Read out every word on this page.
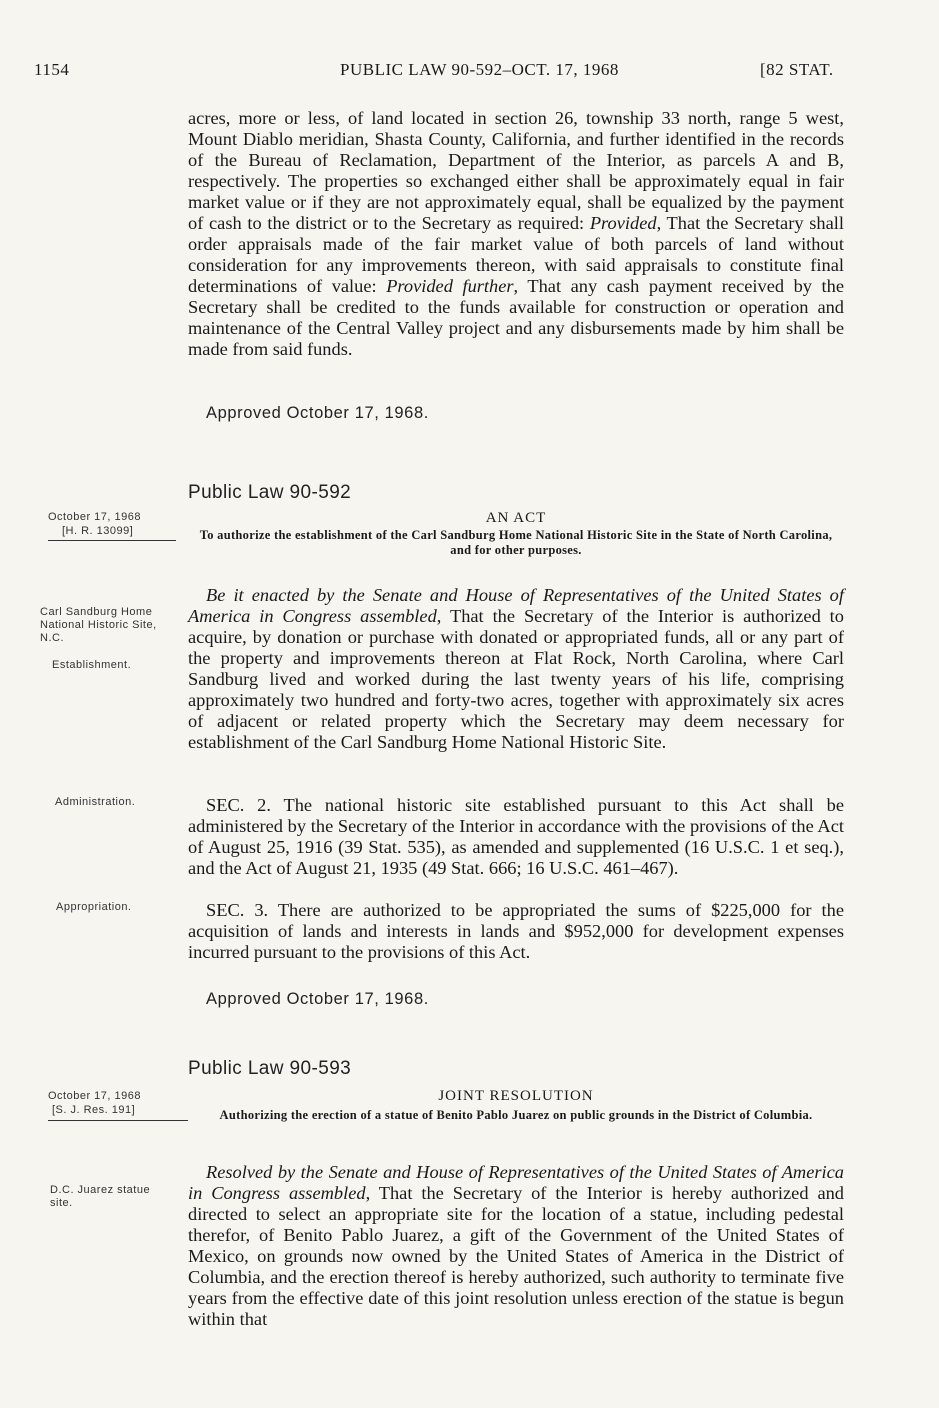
1154	PUBLIC LAW 90-592–OCT. 17, 1968	[82 STAT.

acres, more or less, of land located in section 26, township 33 north, range 5 west, Mount Diablo meridian, Shasta County, California, and further identified in the records of the Bureau of Reclamation, Department of the Interior, as parcels A and B, respectively. The properties so exchanged either shall be approximately equal in fair market value or if they are not approximately equal, shall be equalized by the payment of cash to the district or to the Secretary as required: Provided, That the Secretary shall order appraisals made of the fair market value of both parcels of land without consideration for any improvements thereon, with said appraisals to constitute final determinations of value: Provided further, That any cash payment received by the Secretary shall be credited to the funds available for construction or operation and maintenance of the Central Valley project and any disbursements made by him shall be made from said funds.

Approved October 17, 1968.
Public Law 90-592
October 17, 1968
[H. R. 13099]
AN ACT
To authorize the establishment of the Carl Sandburg Home National Historic Site in the State of North Carolina, and for other purposes.
Carl Sandburg Home National Historic Site, N.C.
Establishment.

Be it enacted by the Senate and House of Representatives of the United States of America in Congress assembled, That the Secretary of the Interior is authorized to acquire, by donation or purchase with donated or appropriated funds, all or any part of the property and improvements thereon at Flat Rock, North Carolina, where Carl Sandburg lived and worked during the last twenty years of his life, comprising approximately two hundred and forty-two acres, together with approximately six acres of adjacent or related property which the Secretary may deem necessary for establishment of the Carl Sandburg Home National Historic Site.

Administration.	SEC. 2. The national historic site established pursuant to this Act shall be administered by the Secretary of the Interior in accordance with the provisions of the Act of August 25, 1916 (39 Stat. 535), as amended and supplemented (16 U.S.C. 1 et seq.), and the Act of August 21, 1935 (49 Stat. 666; 16 U.S.C. 461–467).

Appropriation.	SEC. 3. There are authorized to be appropriated the sums of $225,000 for the acquisition of lands and interests in lands and $952,000 for development expenses incurred pursuant to the provisions of this Act.

Approved October 17, 1968.
Public Law 90-593
October 17, 1968
[S. J. Res. 191]
JOINT RESOLUTION
Authorizing the erection of a statue of Benito Pablo Juarez on public grounds in the District of Columbia.
D.C. Juarez statue site.

Resolved by the Senate and House of Representatives of the United States of America in Congress assembled, That the Secretary of the Interior is hereby authorized and directed to select an appropriate site for the location of a statue, including pedestal therefor, of Benito Pablo Juarez, a gift of the Government of the United States of Mexico, on grounds now owned by the United States of America in the District of Columbia, and the erection thereof is hereby authorized, such authority to terminate five years from the effective date of this joint resolution unless erection of the statue is begun within that
